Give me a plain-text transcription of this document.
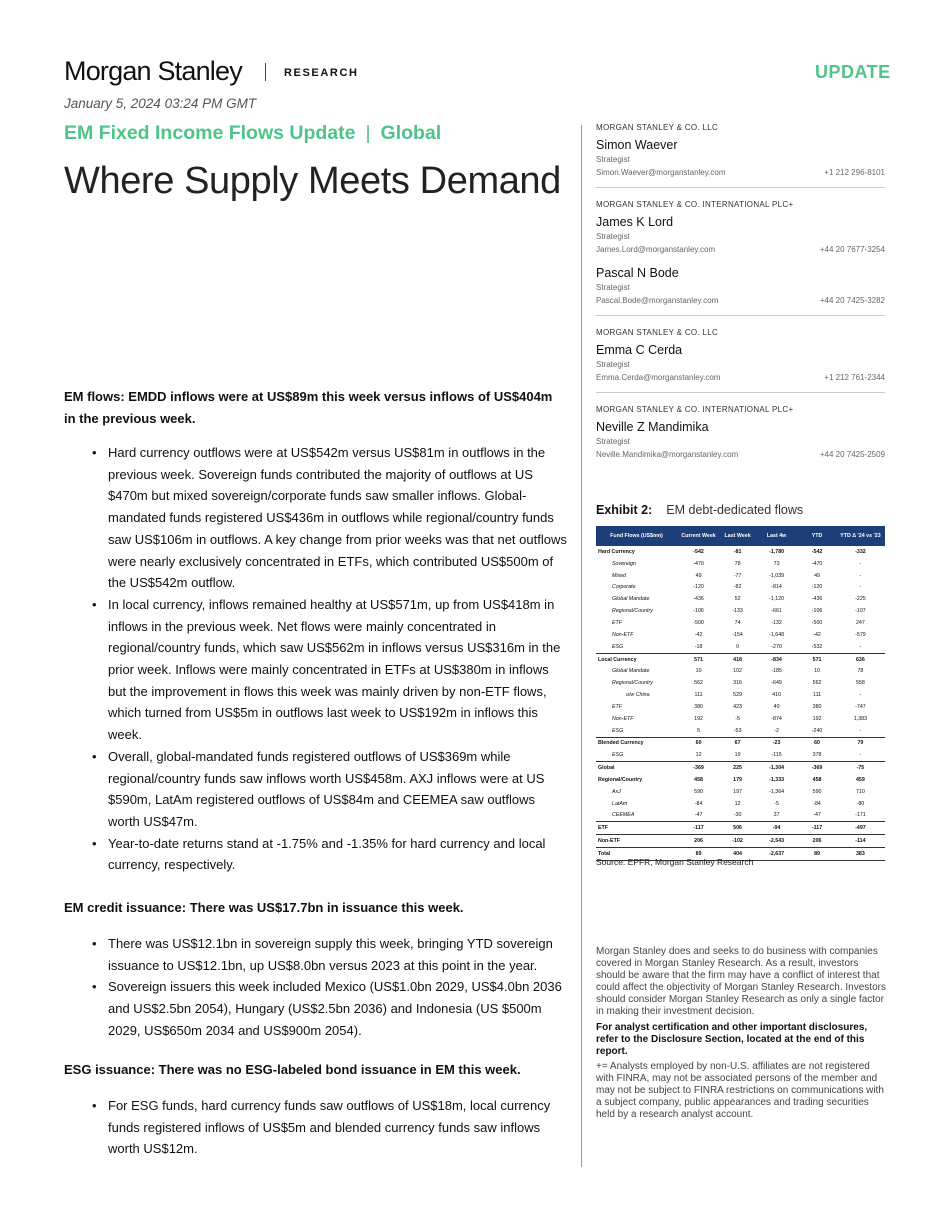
Morgan Stanley	RESEARCH	UPDATE
January 5, 2024 03:24 PM GMT
EM Fixed Income Flows Update | Global
Where Supply Meets Demand
MORGAN STANLEY & CO. LLC
Simon Waever
Strategist
Simon.Waever@morganstanley.com	+1 212 296-8101
MORGAN STANLEY & CO. INTERNATIONAL PLC+
James K Lord
Strategist
James.Lord@morganstanley.com	+44 20 7677-3254
Pascal N Bode
Strategist
Pascal.Bode@morganstanley.com	+44 20 7425-3282
MORGAN STANLEY & CO. LLC
Emma C Cerda
Strategist
Emma.Cerda@morganstanley.com	+1 212 761-2344
MORGAN STANLEY & CO. INTERNATIONAL PLC+
Neville Z Mandimika
Strategist
Neville.Mandimika@morganstanley.com	+44 20 7425-2509
EM flows: EMDD inflows were at US$89m this week versus inflows of US$404m in the previous week.
• Hard currency outflows were at US$542m versus US$81m in outflows in the previous week. Sovereign funds contributed the majority of outflows at US $470m but mixed sovereign/corporate funds saw smaller inflows. Global-mandated funds registered US$436m in outflows while regional/country funds saw US$106m in outflows. A key change from prior weeks was that net outflows were nearly exclusively concentrated in ETFs, which contributed US$500m of the US$542m outflow.
• In local currency, inflows remained healthy at US$571m, up from US$418m in inflows in the previous week. Net flows were mainly concentrated in regional/country funds, which saw US$562m in inflows versus US$316m in the prior week. Inflows were mainly concentrated in ETFs at US$380m in inflows but the improvement in flows this week was mainly driven by non-ETF flows, which turned from US$5m in outflows last week to US$192m in inflows this week.
• Overall, global-mandated funds registered outflows of US$369m while regional/country funds saw inflows worth US$458m. AXJ inflows were at US $590m, LatAm registered outflows of US$84m and CEEMEA saw outflows worth US$47m.
• Year-to-date returns stand at -1.75% and -1.35% for hard currency and local currency, respectively.
EM credit issuance: There was US$17.7bn in issuance this week.
• There was US$12.1bn in sovereign supply this week, bringing YTD sovereign issuance to US$12.1bn, up US$8.0bn versus 2023 at this point in the year.
• Sovereign issuers this week included Mexico (US$1.0bn 2029, US$4.0bn 2036 and US$2.5bn 2054), Hungary (US$2.5bn 2036) and Indonesia (US $500m 2029, US$650m 2034 and US$900m 2054).
ESG issuance: There was no ESG-labeled bond issuance in EM this week.
• For ESG funds, hard currency funds saw outflows of US$18m, local currency funds registered inflows of US$5m and blended currency funds saw inflows worth US$12m.
Exhibit 2: EM debt-dedicated flows
Fund Flows (US$mn)	Current Week	Last Week	Last 4w	YTD	YTD Δ '24 vs '23
Hard Currency	-542	-81	-1,780	-542	-332
Sovereign	-470	78	73	-470	-
Mixed	49	-77	-1,039	49	-
Corporate	-120	-82	-814	-120	-
Global Mandate	-436	52	-1,120	-436	-225
Regional/Country	-106	-133	-661	-106	-107
ETF	-500	74	-132	-500	247
Non-ETF	-42	-154	-1,648	-42	-579
ESG	-18	0	-270	-532	-
Local Currency	571	418	-834	571	636
Global Mandate	10	102	-185	10	78
Regional/Country	562	316	-649	562	558
o/w China	111	529	410	111	-
ETF	380	423	40	380	-747
Non-ETF	192	-5	-874	192	1,383
ESG	5	-53	-2	-240	-
Blended Currency	60	67	-23	60	79
ESG	12	19	-115	378	-
Global	-369	225	-1,304	-369	-75
Regional/Country	458	179	-1,333	458	459
AxJ	590	197	-1,364	590	710
LatAm	-84	12	-5	-84	-80
CEEMEA	-47	-30	37	-47	-171
ETF	-117	506	-94	-117	-497
Non-ETF	206	-102	-2,543	206	-114
Total	89	404	-2,637	89	383
Source: EPFR, Morgan Stanley Research

Morgan Stanley does and seeks to do business with companies covered in Morgan Stanley Research. As a result, investors should be aware that the firm may have a conflict of interest that could affect the objectivity of Morgan Stanley Research. Investors should consider Morgan Stanley Research as only a single factor in making their investment decision.

For analyst certification and other important disclosures, refer to the Disclosure Section, located at the end of this report.

+= Analysts employed by non-U.S. affiliates are not registered with FINRA, may not be associated persons of the member and may not be subject to FINRA restrictions on communications with a subject company, public appearances and trading securities held by a research analyst account.
